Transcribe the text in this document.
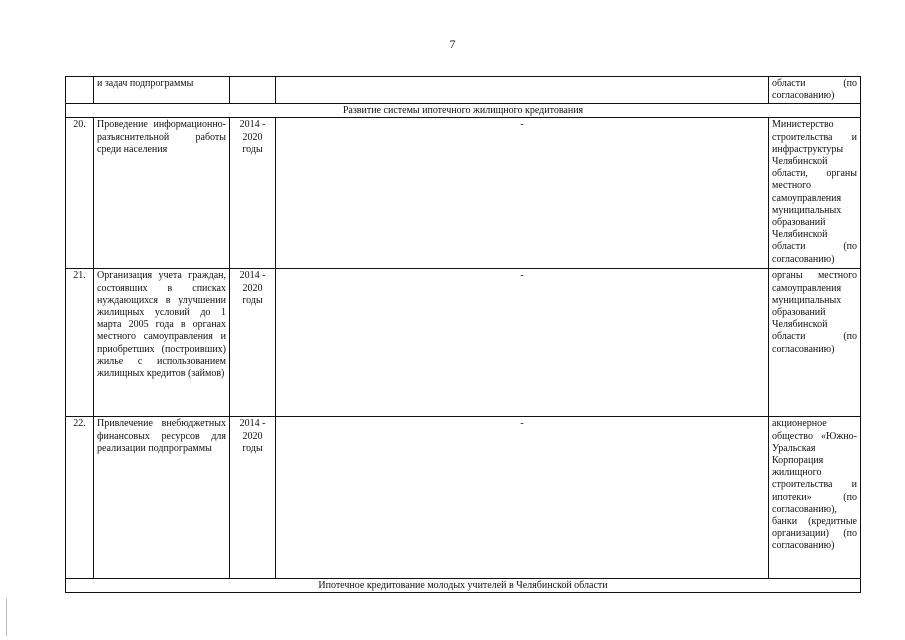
7
	и задач подпрограммы			области (по согласованию)
Развитие системы ипотечного жилищного кредитования				
20.	Проведение информационно-разъяснительной работы среди населения	2014 - 2020 годы	-	Министерство строительства и инфраструктуры Челябинской области, органы местного самоуправления муниципальных образований Челябинской области (по согласованию)
21.	Организация учета граждан, состоявших в списках нуждающихся в улучшении жилищных условий до 1 марта 2005 года в органах местного самоуправления и приобретших (построивших) жилье с использованием жилищных кредитов (займов)	2014 - 2020 годы	-	органы местного самоуправления муниципальных образований Челябинской области (по согласованию)
22.	Привлечение внебюджетных финансовых ресурсов для реализации подпрограммы	2014 - 2020 годы	-	акционерное общество «Южно-Уральская Корпорация жилищного строительства и ипотеки» (по согласованию), банки (кредитные организации) (по согласованию)
Ипотечное кредитование молодых учителей в Челябинской области				
